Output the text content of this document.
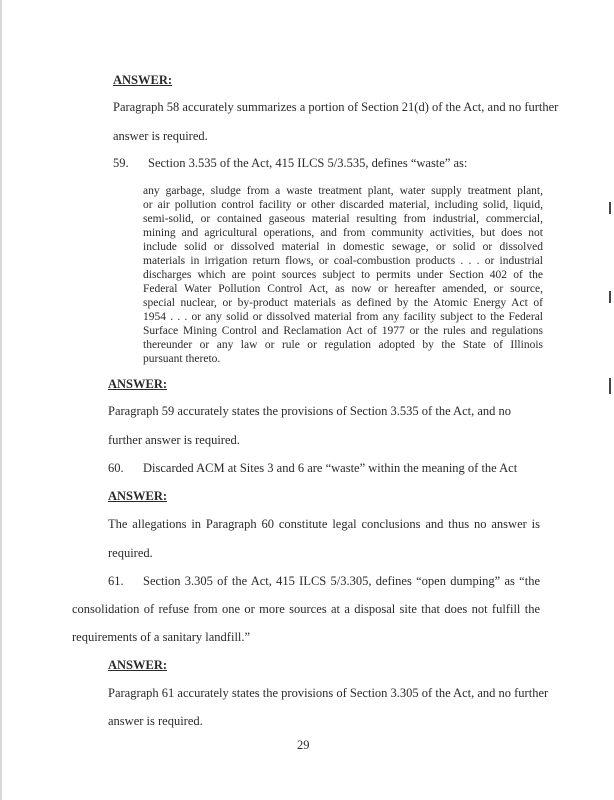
ANSWER:
Paragraph 58 accurately summarizes a portion of Section 21(d) of the Act, and no further
answer is required.
59. Section 3.535 of the Act, 415 ILCS 5/3.535, defines “waste” as:
any garbage, sludge from a waste treatment plant, water supply treatment plant,
or air pollution control facility or other discarded material, including solid, liquid,
semi-solid, or contained gaseous material resulting from industrial, commercial,
mining and agricultural operations, and from community activities, but does not
include solid or dissolved material in domestic sewage, or solid or dissolved
materials in irrigation return flows, or coal-combustion products . . . or industrial
discharges which are point sources subject to permits under Section 402 of the
Federal Water Pollution Control Act, as now or hereafter amended, or source,
special nuclear, or by-product materials as defined by the Atomic Energy Act of
1954 . . . or any solid or dissolved material from any facility subject to the Federal
Surface Mining Control and Reclamation Act of 1977 or the rules and regulations
thereunder or any law or rule or regulation adopted by the State of Illinois
pursuant thereto.
ANSWER:
Paragraph 59 accurately states the provisions of Section 3.535 of the Act, and no
further answer is required.
60. Discarded ACM at Sites 3 and 6 are “waste” within the meaning of the Act
ANSWER:
The allegations in Paragraph 60 constitute legal conclusions and thus no answer is
required.
61. Section 3.305 of the Act, 415 ILCS 5/3.305, defines “open dumping” as “the
consolidation of refuse from one or more sources at a disposal site that does not fulfill the
requirements of a sanitary landfill.”
ANSWER:
Paragraph 61 accurately states the provisions of Section 3.305 of the Act, and no further
answer is required.
29
